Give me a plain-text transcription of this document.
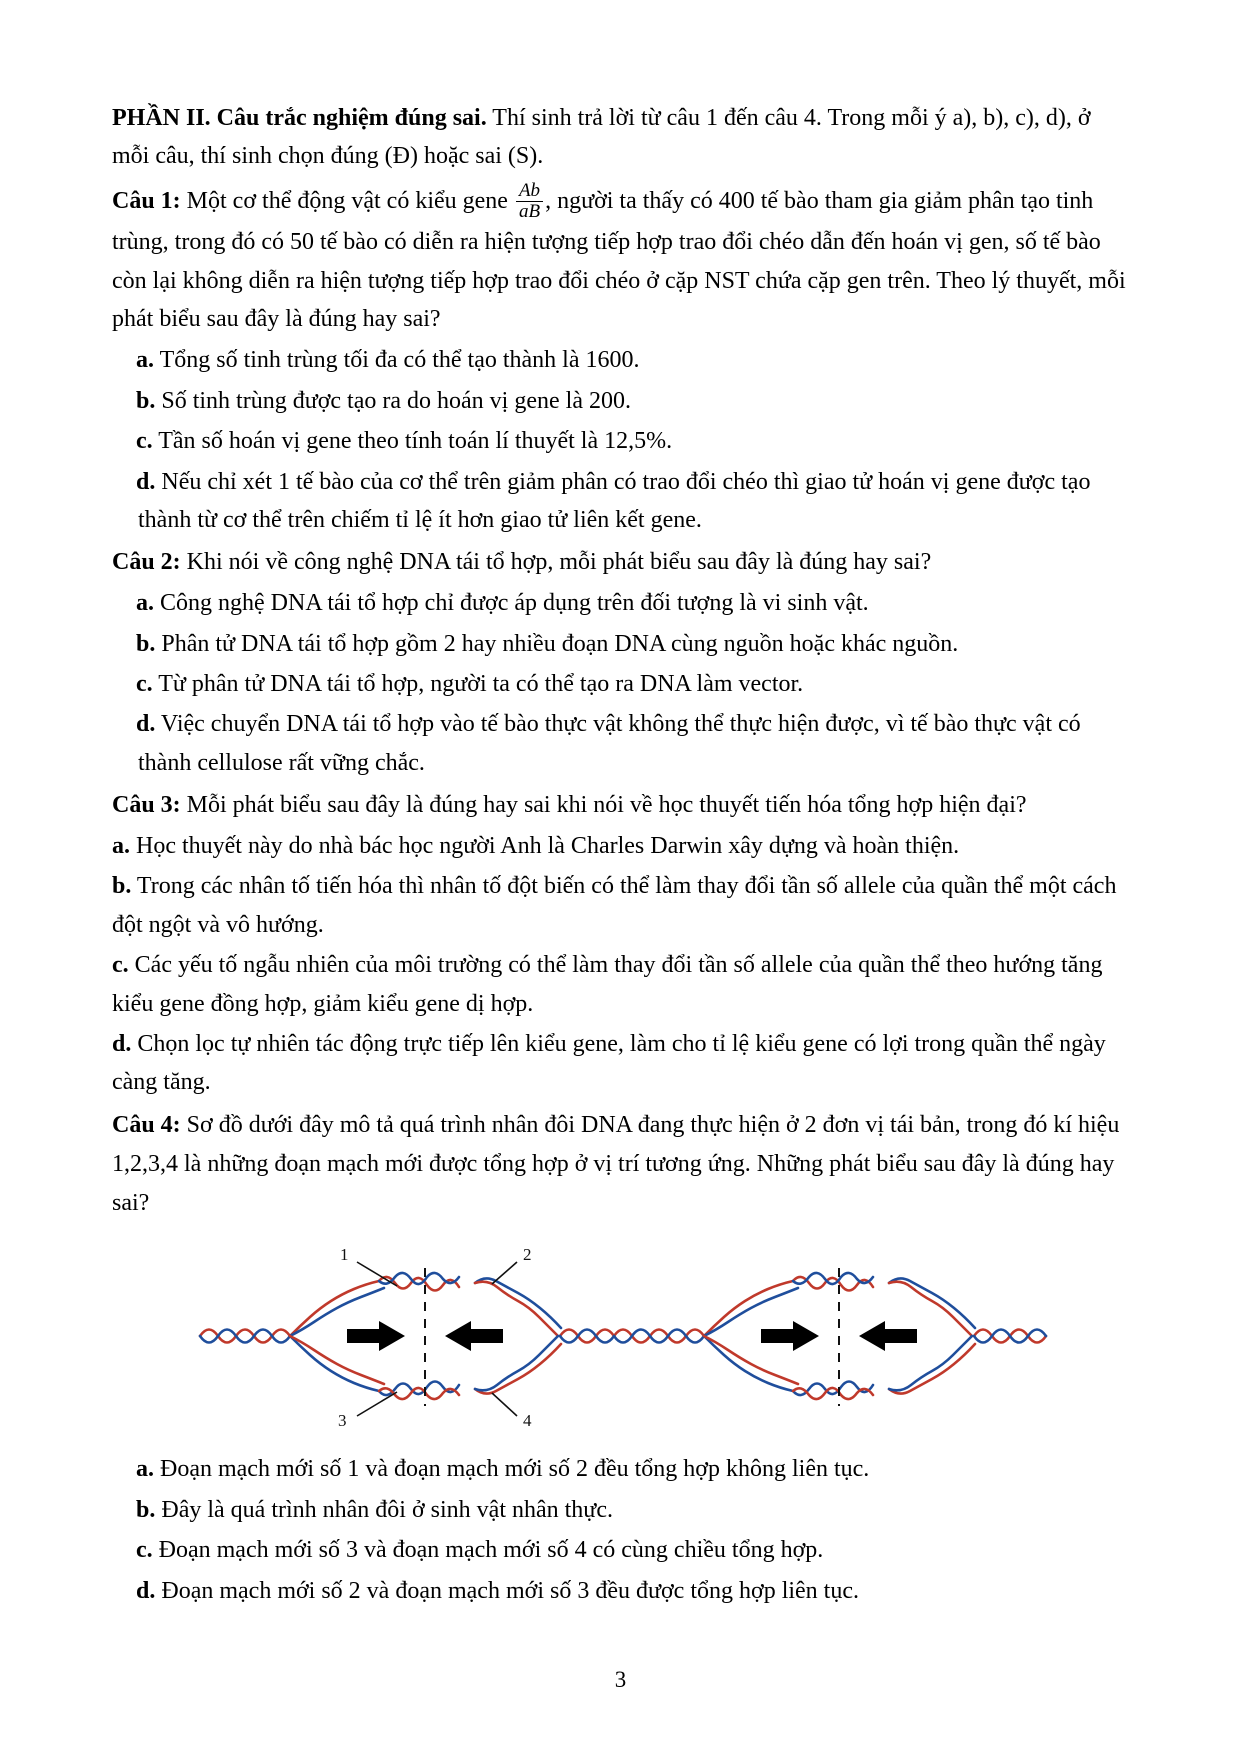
PHẦN II. Câu trắc nghiệm đúng sai. Thí sinh trả lời từ câu 1 đến câu 4. Trong mỗi ý a), b), c), d), ở mỗi câu, thí sinh chọn đúng (Đ) hoặc sai (S).

Câu 1: Một cơ thể động vật có kiểu gene $\frac{Ab}{aB}$ , người ta thấy có 400 tế bào tham gia giảm phân tạo tinh trùng, trong đó có 50 tế bào có diễn ra hiện tượng tiếp hợp trao đổi chéo dẫn đến hoán vị gen, số tế bào còn lại không diễn ra hiện tượng tiếp hợp trao đổi chéo ở cặp NST chứa cặp gen trên. Theo lý thuyết, mỗi phát biểu sau đây là đúng hay sai?

a. Tổng số tinh trùng tối đa có thể tạo thành là 1600.

b. Số tinh trùng được tạo ra do hoán vị gene là 200.

c. Tần số hoán vị gene theo tính toán lí thuyết là 12,5%.

d. Nếu chỉ xét 1 tế bào của cơ thể trên giảm phân có trao đổi chéo thì giao tử hoán vị gene được tạo thành từ cơ thể trên chiếm tỉ lệ ít hơn giao tử liên kết gene.

Câu 2: Khi nói về công nghệ DNA tái tổ hợp, mỗi phát biểu sau đây là đúng hay sai?

a. Công nghệ DNA tái tổ hợp chỉ được áp dụng trên đối tượng là vi sinh vật.

b. Phân tử DNA tái tổ hợp gồm 2 hay nhiều đoạn DNA cùng nguồn hoặc khác nguồn.

c. Từ phân tử DNA tái tổ hợp, người ta có thể tạo ra DNA làm vector.

d. Việc chuyển DNA tái tổ hợp vào tế bào thực vật không thể thực hiện được, vì tế bào thực vật có thành cellulose rất vững chắc.

Câu 3: Mỗi phát biểu sau đây là đúng hay sai khi nói về học thuyết tiến hóa tổng hợp hiện đại?

a. Học thuyết này do nhà bác học người Anh là Charles Darwin xây dựng và hoàn thiện.

b. Trong các nhân tố tiến hóa thì nhân tố đột biến có thể làm thay đổi tần số allele của quần thể một cách đột ngột và vô hướng.

c. Các yếu tố ngẫu nhiên của môi trường có thể làm thay đổi tần số allele của quần thể theo hướng tăng kiểu gene đồng hợp, giảm kiểu gene dị hợp.

d. Chọn lọc tự nhiên tác động trực tiếp lên kiểu gene, làm cho tỉ lệ kiểu gene có lợi trong quần thể ngày càng tăng.

Câu 4: Sơ đồ dưới đây mô tả quá trình nhân đôi DNA đang thực hiện ở 2 đơn vị tái bản, trong đó kí hiệu 1,2,3,4 là những đoạn mạch mới được tổng hợp ở vị trí tương ứng. Những phát biểu sau đây là đúng hay sai?

1	2
3	4

a. Đoạn mạch mới số 1 và đoạn mạch mới số 2 đều tổng hợp không liên tục.

b. Đây là quá trình nhân đôi ở sinh vật nhân thực.

c. Đoạn mạch mới số 3 và đoạn mạch mới số 4 có cùng chiều tổng hợp.

d. Đoạn mạch mới số 2 và đoạn mạch mới số 3 đều được tổng hợp liên tục.

3
